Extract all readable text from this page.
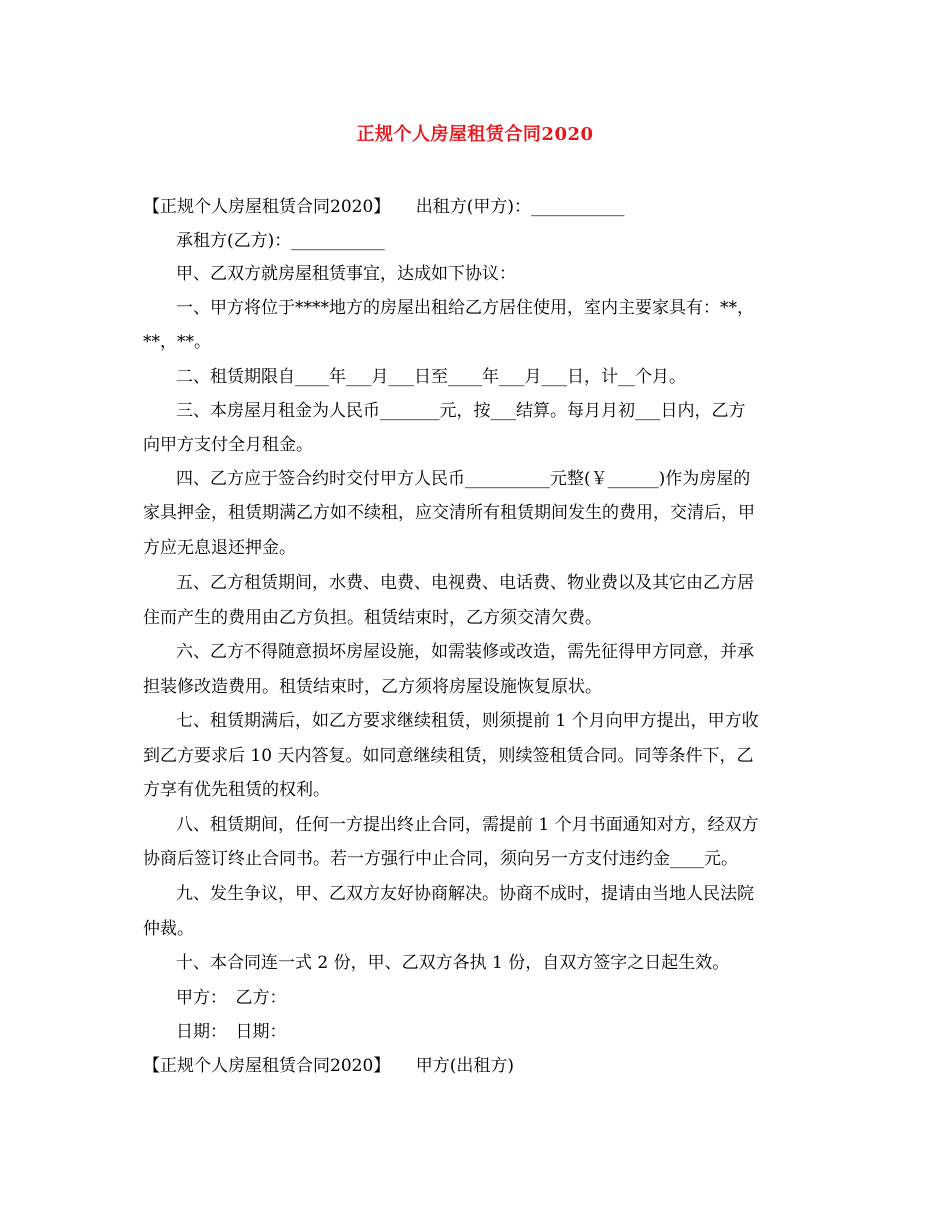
正规个人房屋租赁合同2020
【正规个人房屋租赁合同2020】　　出租方(甲方)：___________
承租方(乙方)：___________
甲、乙双方就房屋租赁事宜，达成如下协议：
一、甲方将位于****地方的房屋出租给乙方居住使用，室内主要家具有：**，
**，**。
二、租赁期限自____年___月___日至____年___月___日，计__个月。
三、本房屋月租金为人民币_______元，按___结算。每月月初___日内，乙方
向甲方支付全月租金。
四、乙方应于签合约时交付甲方人民币__________元整(￥______)作为房屋的
家具押金，租赁期满乙方如不续租，应交清所有租赁期间发生的费用，交清后，甲
方应无息退还押金。
五、乙方租赁期间，水费、电费、电视费、电话费、物业费以及其它由乙方居
住而产生的费用由乙方负担。租赁结束时，乙方须交清欠费。
六、乙方不得随意损坏房屋设施，如需装修或改造，需先征得甲方同意，并承
担装修改造费用。租赁结束时，乙方须将房屋设施恢复原状。
七、租赁期满后，如乙方要求继续租赁，则须提前 1 个月向甲方提出，甲方收
到乙方要求后 10 天内答复。如同意继续租赁，则续签租赁合同。同等条件下，乙
方享有优先租赁的权利。
八、租赁期间，任何一方提出终止合同，需提前 1 个月书面通知对方，经双方
协商后签订终止合同书。若一方强行中止合同，须向另一方支付违约金____元。
九、发生争议，甲、乙双方友好协商解决。协商不成时，提请由当地人民法院
仲裁。
十、本合同连一式 2 份，甲、乙双方各执 1 份，自双方签字之日起生效。
甲方：　乙方：
日期：　日期：
【正规个人房屋租赁合同2020】　　甲方(出租方)
